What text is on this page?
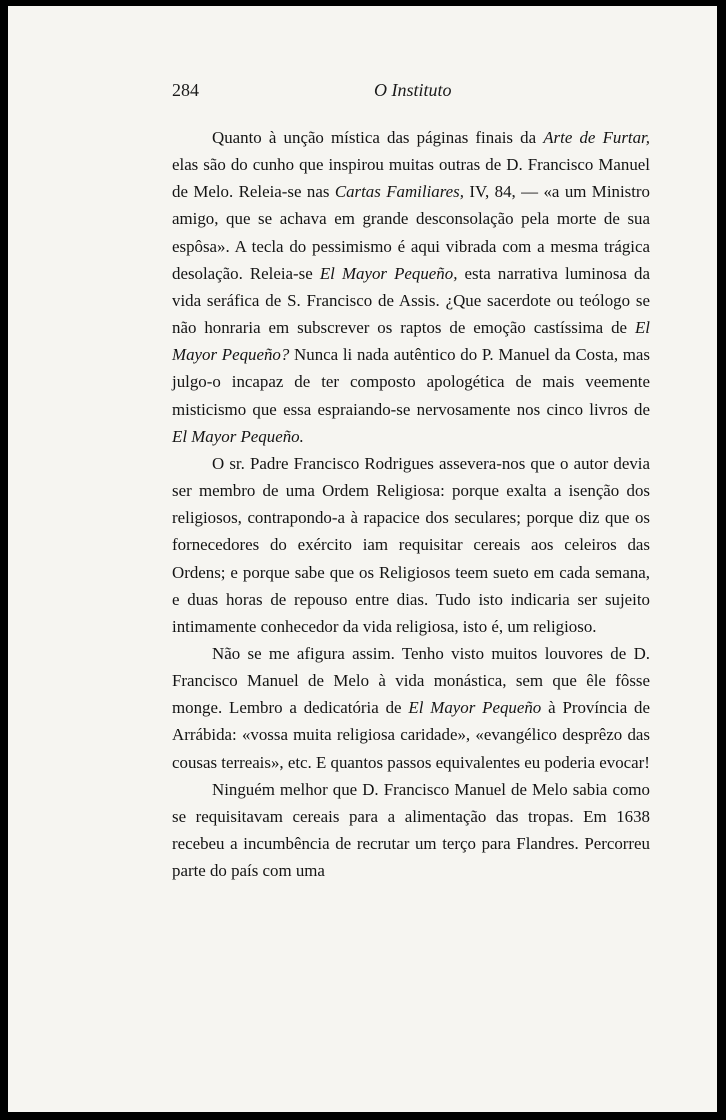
284	O Instituto

Quanto à unção mística das páginas finais da Arte de Furtar, elas são do cunho que inspirou muitas outras de D. Francisco Manuel de Melo. Releia-se nas Cartas Familiares, IV, 84, — «a um Ministro amigo, que se achava em grande desconsolação pela morte de sua espôsa». A tecla do pessimismo é aqui vibrada com a mesma trágica desolação. Releia-se El Mayor Pequeño, esta narrativa luminosa da vida seráfica de S. Francisco de Assis. ¿Que sacerdote ou teólogo se não honraria em subscrever os raptos de emoção castíssima de El Mayor Pequeño? Nunca li nada autêntico do P. Manuel da Costa, mas julgo-o incapaz de ter composto apologética de mais veemente misticismo que essa espraiando-se nervosamente nos cinco livros de El Mayor Pequeño.

O sr. Padre Francisco Rodrigues assevera-nos que o autor devia ser membro de uma Ordem Religiosa: porque exalta a isenção dos religiosos, contrapondo-a à rapacice dos seculares; porque diz que os fornecedores do exército iam requisitar cereais aos celeiros das Ordens; e porque sabe que os Religiosos teem sueto em cada semana, e duas horas de repouso entre dias. Tudo isto indicaria ser sujeito intimamente conhecedor da vida religiosa, isto é, um religioso.

Não se me afigura assim. Tenho visto muitos louvores de D. Francisco Manuel de Melo à vida monástica, sem que êle fôsse monge. Lembro a dedicatória de El Mayor Pequeño à Província de Arrábida: «vossa muita religiosa caridade», «evangélico desprêzo das cousas terreais», etc. E quantos passos equivalentes eu poderia evocar!

Ninguém melhor que D. Francisco Manuel de Melo sabia como se requisitavam cereais para a alimentação das tropas. Em 1638 recebeu a incumbência de recrutar um terço para Flandres. Percorreu parte do país com uma
